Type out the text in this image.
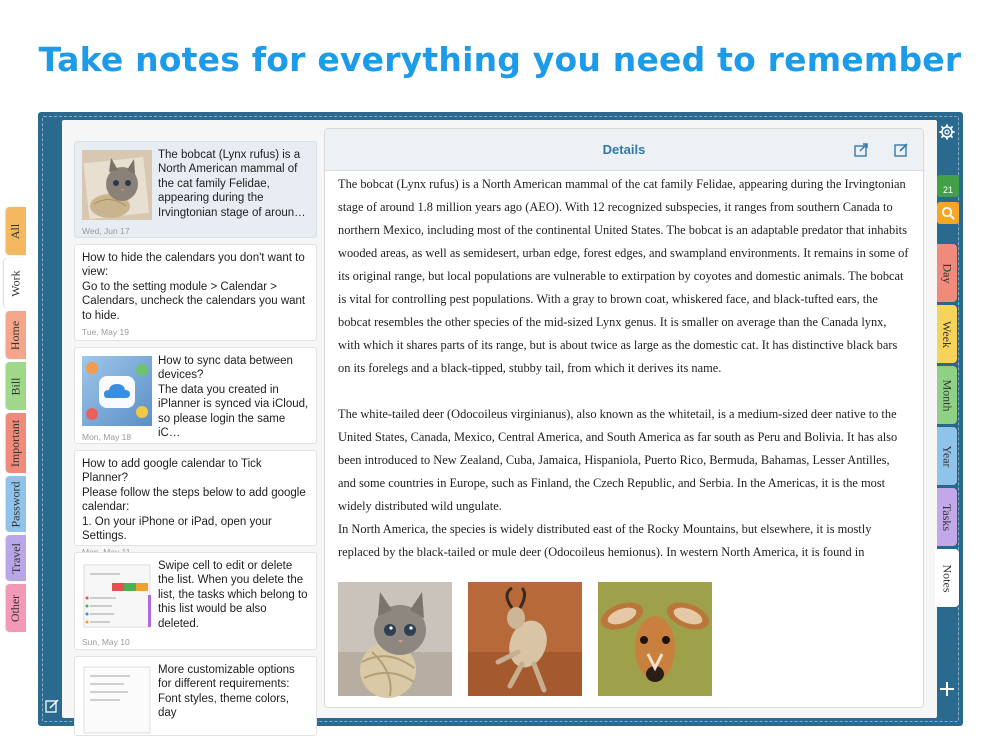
Take notes for everything you need to remember
All
Work
Home
Bill
Important
Password
Travel
Other
21
Day
Week
Month
Year
Tasks
Notes
The bobcat (Lynx rufus) is a North American mammal of the cat family Felidae, appearing during the Irvingtonian stage of aroun…
Wed, Jun 17
How to hide the calendars you don't want to view:
Go to the setting module > Calendar > Calendars, uncheck the calendars you want to hide.
Tue, May 19
How to sync data between devices?
The data you created in iPlanner is synced via iCloud, so please login the same iC…
Mon, May 18
How to add google calendar to Tick Planner?
Please follow the steps below to add google calendar:
1. On your iPhone or iPad, open your Settings.
Swipe cell to edit or delete the list. When you delete the list, the tasks which belong to this list would be also deleted.
Sun, May 10
More customizable options for different requirements: Font styles, theme colors, day
Details

The bobcat (Lynx rufus) is a North American mammal of the cat family Felidae, appearing during the Irvingtonian stage of around 1.8 million years ago (AEO). With 12 recognized subspecies, it ranges from southern Canada to northern Mexico, including most of the continental United States. The bobcat is an adaptable predator that inhabits wooded areas, as well as semidesert, urban edge, forest edges, and swampland environments. It remains in some of its original range, but local populations are vulnerable to extirpation by coyotes and domestic animals. The bobcat is vital for controlling pest populations. With a gray to brown coat, whiskered face, and black-tufted ears, the bobcat resembles the other species of the mid-sized Lynx genus. It is smaller on average than the Canada lynx, with which it shares parts of its range, but is about twice as large as the domestic cat. It has distinctive black bars on its forelegs and a black-tipped, stubby tail, from which it derives its name.

The white-tailed deer (Odocoileus virginianus), also known as the whitetail, is a medium-sized deer native to the United States, Canada, Mexico, Central America, and South America as far south as Peru and Bolivia. It has also been introduced to New Zealand, Cuba, Jamaica, Hispaniola, Puerto Rico, Bermuda, Bahamas, Lesser Antilles, and some countries in Europe, such as Finland, the Czech Republic, and Serbia. In the Americas, it is the most widely distributed wild ungulate.

In North America, the species is widely distributed east of the Rocky Mountains, but elsewhere, it is mostly replaced by the black-tailed or mule deer (Odocoileus hemionus). In western North America, it is found in
